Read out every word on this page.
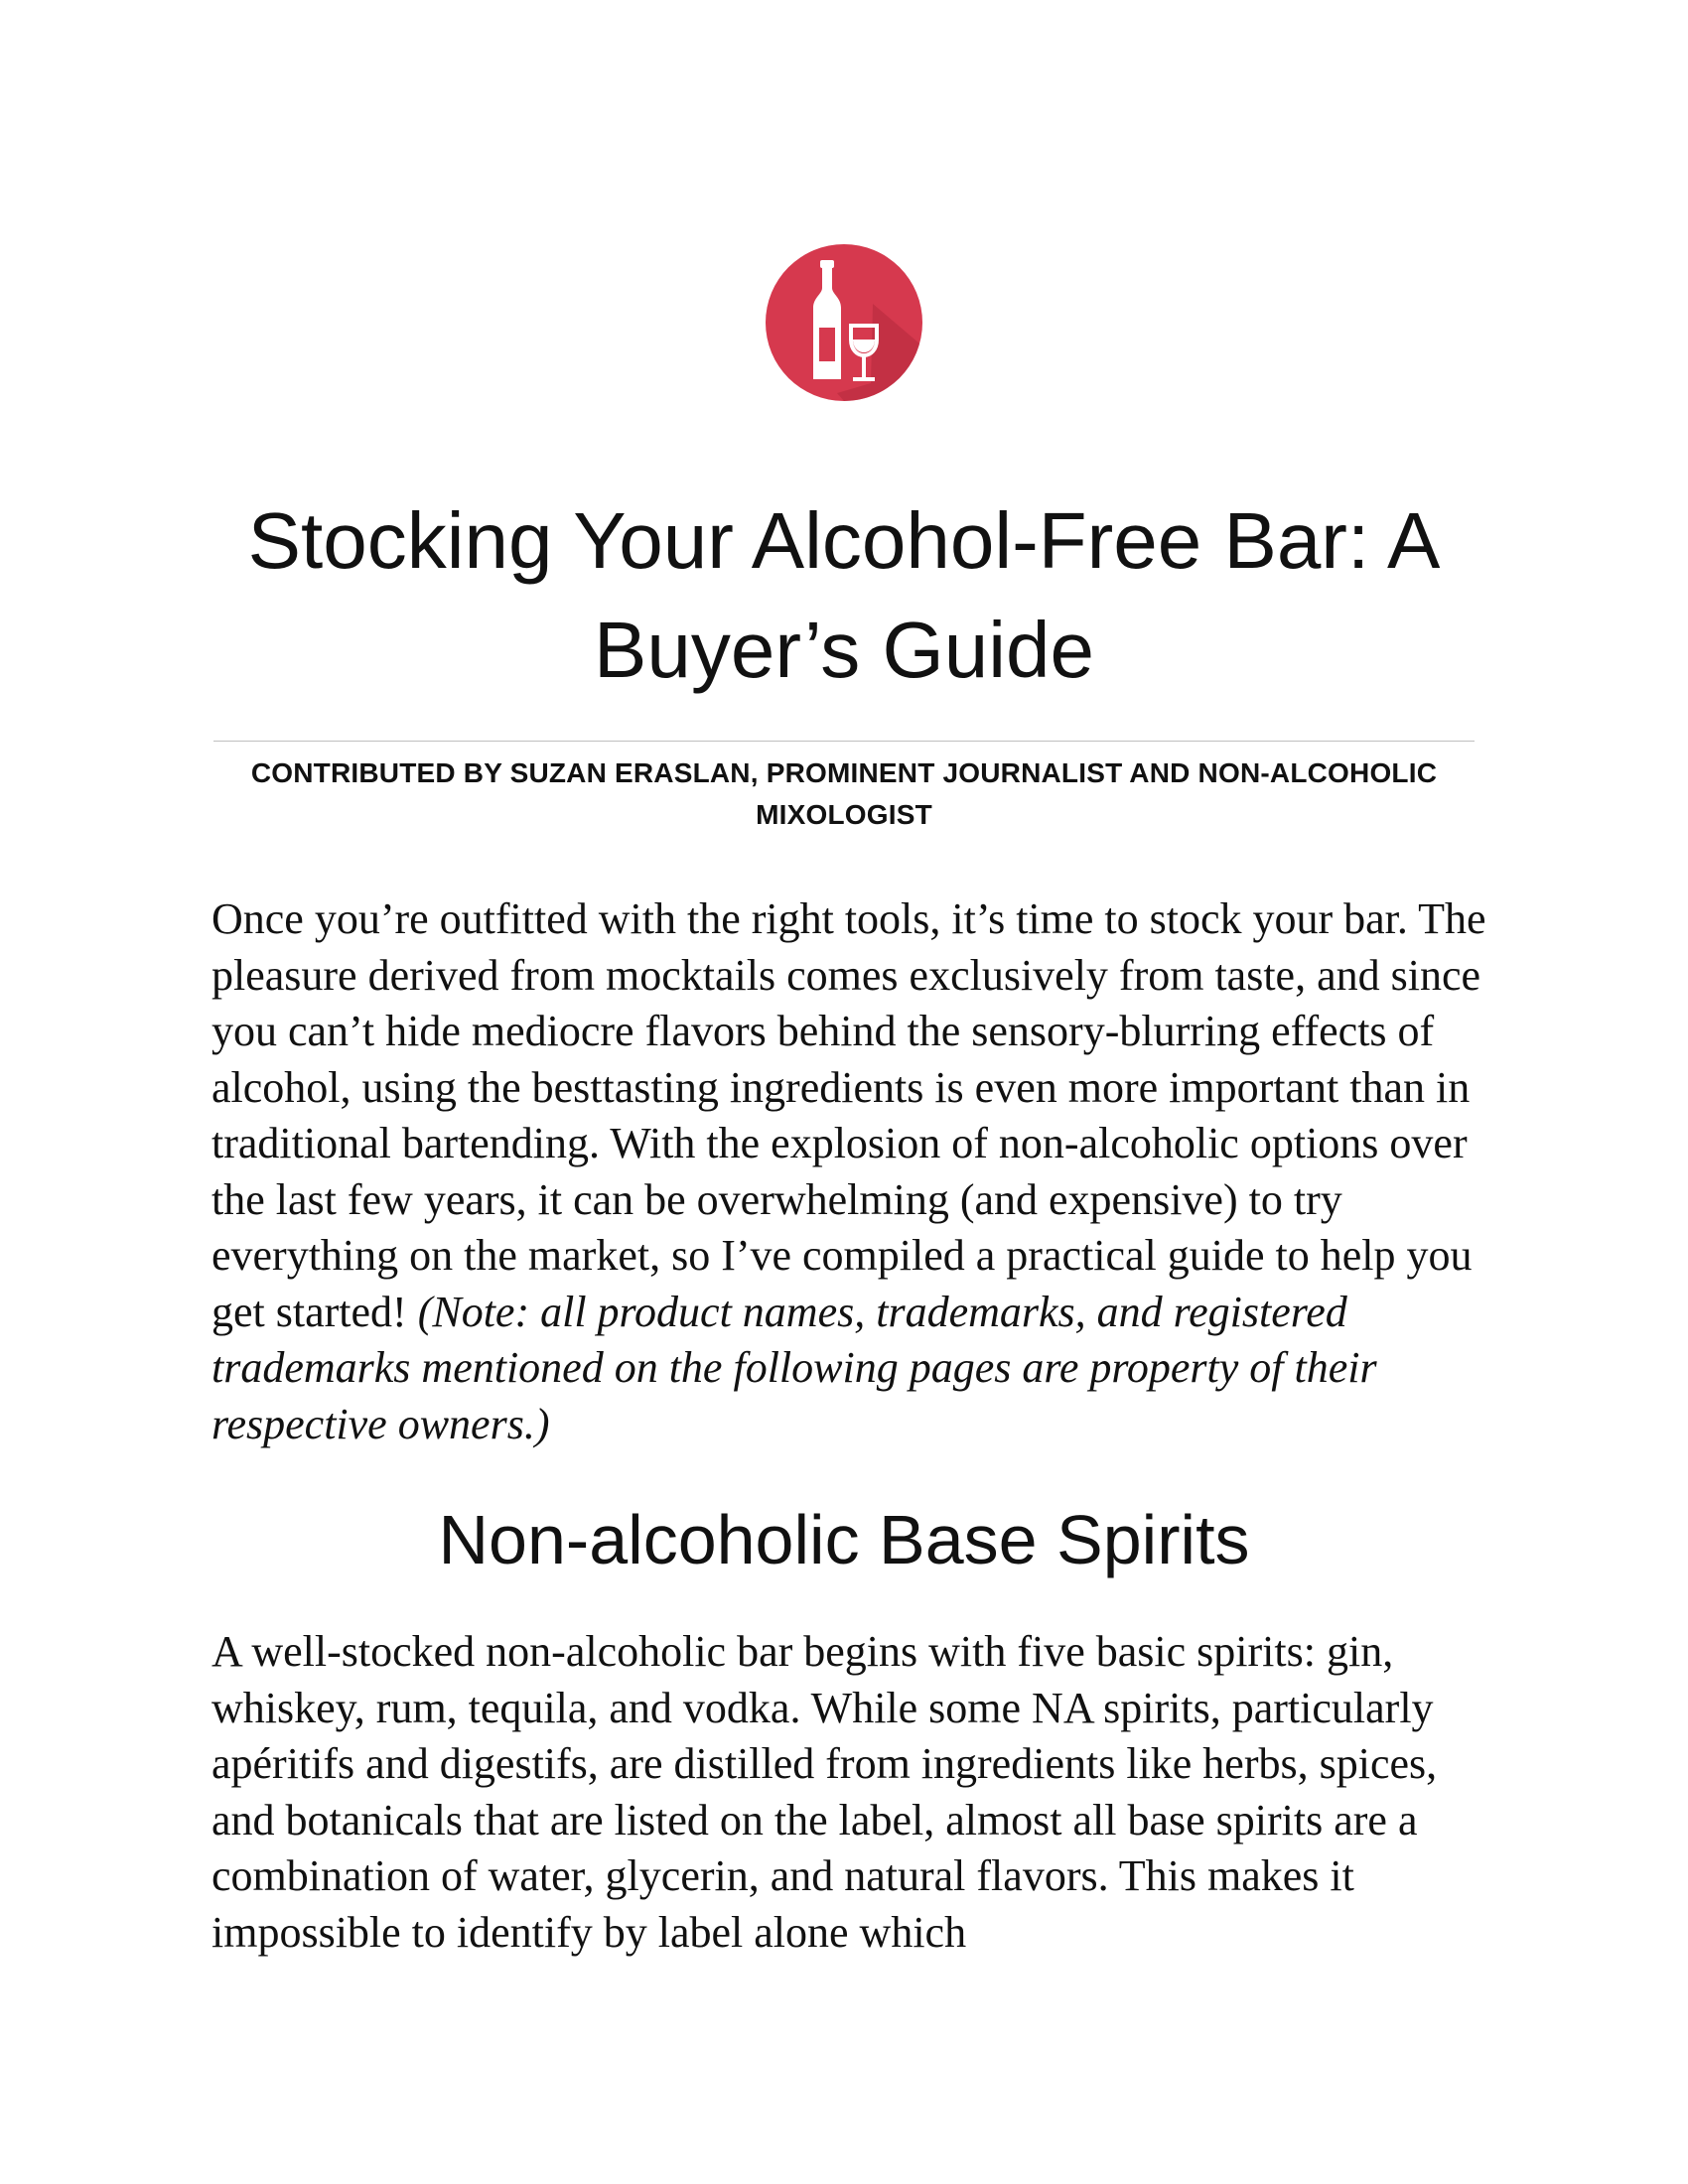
Stocking Your Alcohol-Free Bar: A Buyer’s Guide
CONTRIBUTED BY SUZAN ERASLAN, PROMINENT JOURNALIST AND NON-ALCOHOLIC MIXOLOGIST

Once you’re outfitted with the right tools, it’s time to stock your bar. The pleasure derived from mocktails comes exclusively from taste, and since you can’t hide mediocre flavors behind the sensory-blurring effects of alcohol, using the besttasting ingredients is even more important than in traditional bartending. With the explosion of non-alcoholic options over the last few years, it can be overwhelming (and expensive) to try everything on the market, so I’ve compiled a practical guide to help you get started! (Note: all product names, trademarks, and registered trademarks mentioned on the following pages are property of their respective owners.)

Non-alcoholic Base Spirits

A well-stocked non-alcoholic bar begins with five basic spirits: gin, whiskey, rum, tequila, and vodka. While some NA spirits, particularly apéritifs and digestifs, are distilled from ingredients like herbs, spices, and botanicals that are listed on the label, almost all base spirits are a combination of water, glycerin, and natural flavors. This makes it impossible to identify by label alone which
